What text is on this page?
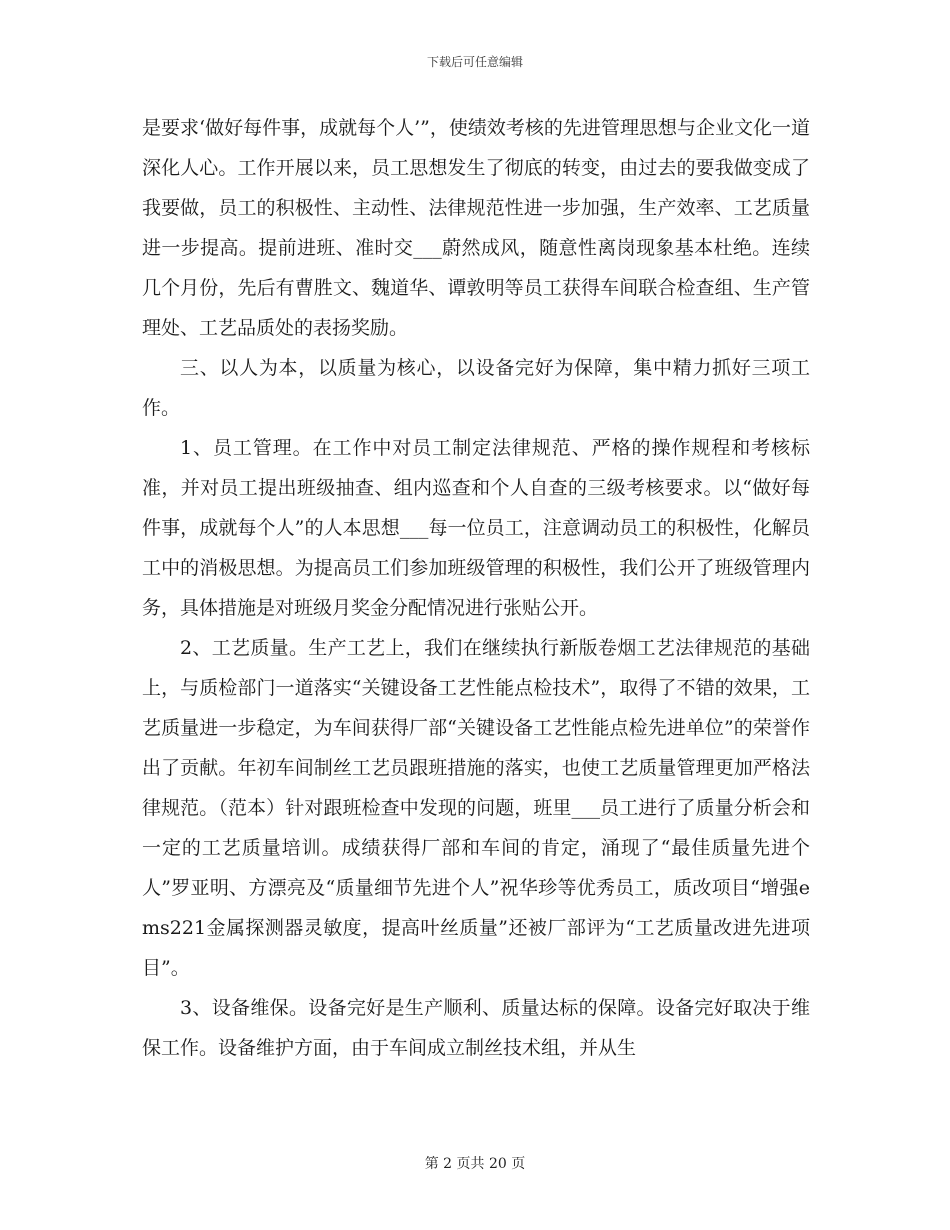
下载后可任意编辑

是要求‘做好每件事，成就每个人’”，使绩效考核的先进管理思想与企业文化一道深化人心。工作开展以来，员工思想发生了彻底的转变，由过去的要我做变成了我要做，员工的积极性、主动性、法律规范性进一步加强，生产效率、工艺质量进一步提高。提前进班、准时交___蔚然成风，随意性离岗现象基本杜绝。连续几个月份，先后有曹胜文、魏道华、谭敦明等员工获得车间联合检查组、生产管理处、工艺品质处的表扬奖励。

三、以人为本，以质量为核心，以设备完好为保障，集中精力抓好三项工作。

1、员工管理。在工作中对员工制定法律规范、严格的操作规程和考核标准，并对员工提出班级抽查、组内巡查和个人自查的三级考核要求。以“做好每件事，成就每个人”的人本思想___每一位员工，注意调动员工的积极性，化解员工中的消极思想。为提高员工们参加班级管理的积极性，我们公开了班级管理内务，具体措施是对班级月奖金分配情况进行张贴公开。

2、工艺质量。生产工艺上，我们在继续执行新版卷烟工艺法律规范的基础上，与质检部门一道落实“关键设备工艺性能点检技术”，取得了不错的效果，工艺质量进一步稳定，为车间获得厂部“关键设备工艺性能点检先进单位”的荣誉作出了贡献。年初车间制丝工艺员跟班措施的落实，也使工艺质量管理更加严格法律规范。（范本）针对跟班检查中发现的问题，班里___员工进行了质量分析会和一定的工艺质量培训。成绩获得厂部和车间的肯定，涌现了“最佳质量先进个人”罗亚明、方漂亮及“质量细节先进个人”祝华珍等优秀员工，质改项目“增强ems221金属探测器灵敏度，提高叶丝质量”还被厂部评为“工艺质量改进先进项目”。

3、设备维保。设备完好是生产顺利、质量达标的保障。设备完好取决于维保工作。设备维护方面，由于车间成立制丝技术组，并从生

第 2 页共 20 页
